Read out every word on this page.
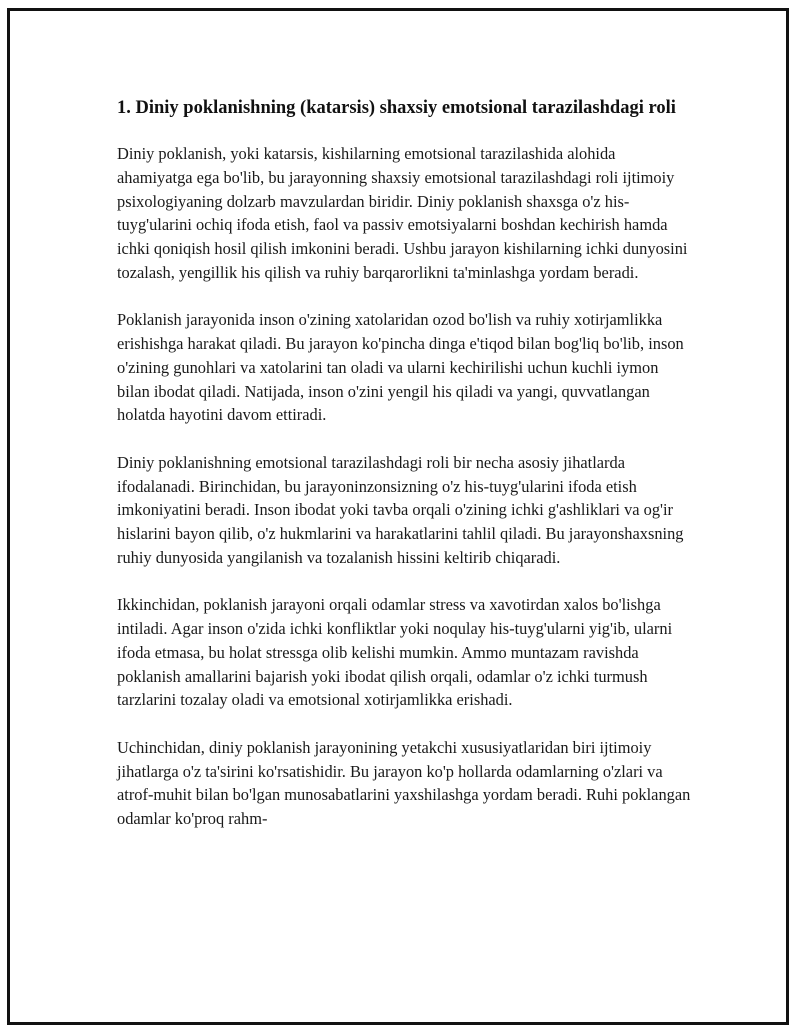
1. Diniy poklanishning (katarsis) shaxsiy emotsional tarazilashdagi roli

Diniy poklanish, yoki katarsis, kishilarning emotsional tarazilashida alohida ahamiyatga ega bo'lib, bu jarayonning shaxsiy emotsional tarazilashdagi roli ijtimoiy psixologiyaning dolzarb mavzulardan biridir. Diniy poklanish shaxsga o'z his-tuyg'ularini ochiq ifoda etish, faol va passiv emotsiyalarni boshdan kechirish hamda ichki qoniqish hosil qilish imkonini beradi. Ushbu jarayon kishilarning ichki dunyosini tozalash, yengillik his qilish va ruhiy barqarorlikni ta'minlashga yordam beradi.

Poklanish jarayonida inson o'zining xatolaridan ozod bo'lish va ruhiy xotirjamlikka erishishga harakat qiladi. Bu jarayon ko'pincha dinga e'tiqod bilan bog'liq bo'lib, inson o'zining gunohlari va xatolarini tan oladi va ularni kechirilishi uchun kuchli iymon bilan ibodat qiladi. Natijada, inson o'zini yengil his qiladi va yangi, quvvatlangan holatda hayotini davom ettiradi.

Diniy poklanishning emotsional tarazilashdagi roli bir necha asosiy jihatlarda ifodalanadi. Birinchidan, bu jarayoninzonsizning o'z his-tuyg'ularini ifoda etish imkoniyatini beradi. Inson ibodat yoki tavba orqali o'zining ichki g'ashliklari va og'ir hislarini bayon qilib, o'z hukmlarini va harakatlarini tahlil qiladi. Bu jarayonshaxsning ruhiy dunyosida yangilanish va tozalanish hissini keltirib chiqaradi.

Ikkinchidan, poklanish jarayoni orqali odamlar stress va xavotirdan xalos bo'lishga intiladi. Agar inson o'zida ichki konfliktlar yoki noqulay his-tuyg'ularni yig'ib, ularni ifoda etmasa, bu holat stressga olib kelishi mumkin. Ammo muntazam ravishda poklanish amallarini bajarish yoki ibodat qilish orqali, odamlar o'z ichki turmush tarzlarini tozalay oladi va emotsional xotirjamlikka erishadi.

Uchinchidan, diniy poklanish jarayonining yetakchi xususiyatlaridan biri ijtimoiy jihatlarga o'z ta'sirini ko'rsatishidir. Bu jarayon ko'p hollarda odamlarning o'zlari va atrof-muhit bilan bo'lgan munosabatlarini yaxshilashga yordam beradi. Ruhi poklangan odamlar ko'proq rahm-
